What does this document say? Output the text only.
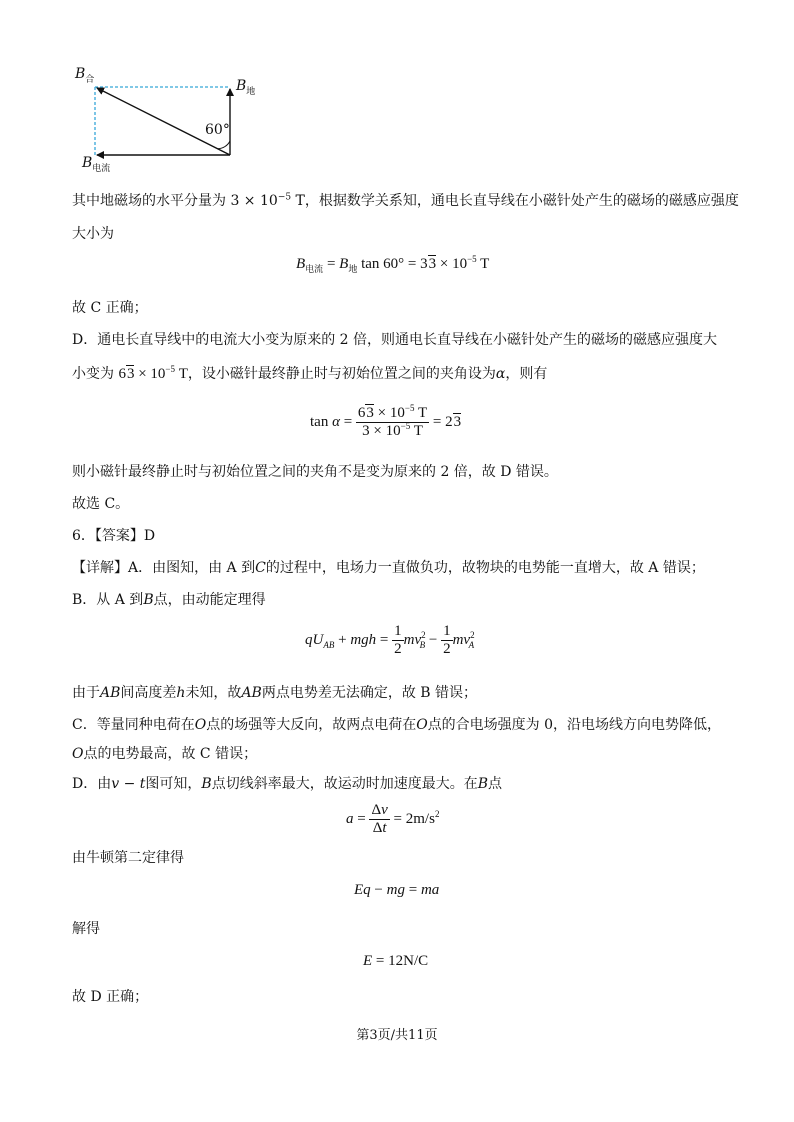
$B_合$	$B_地$
$B_{电流}$
60°
其中地磁场的水平分量为 $3 \times 10^{-5}$ T，根据数学关系知，通电长直导线在小磁针处产生的磁场的磁感应强度
大小为
$B_{电流} = B_地$ $\tan 60^\circ = 33 \times 10^{-5}$ T
故 C 正确；
D．通电长直导线中的电流大小变为原来的 2 倍，则通电长直导线在小磁针处产生的磁场的磁感应强度大
小变为 $63 \times 10^{-5}$ T，设小磁针最终静止时与初始位置之间的夹角设为α，则有
$\tan \alpha = \frac{63 \times 10^{-5} T}{3 \times 10^{-5} T} = 23$
则小磁针最终静止时与初始位置之间的夹角不是变为原来的 2 倍，故 D 错误。
故选 C。
6．【答案】D
【详解】A．由图知，由 A 到C的过程中，电场力一直做负功，故物块的电势能一直增大，故 A 错误；
B．从 A 到B点，由动能定理得
$qU_{AB}$ + mgh = $\frac{1}{2} mv^2_B - \frac{1}{2} mv^2_A$
由于AB间高度差h未知，故AB两点电势差无法确定，故 B 错误；
C．等量同种电荷在O点的场强等大反向，故两点电荷在O点的合电场强度为 0，沿电场线方向电势降低，
O点的电势最高，故 C 错误；
D．由v − t图可知，B点切线斜率最大，故运动时加速度最大。在B点
$a = \frac{\Delta v}{\Delta t} = 2m/s^2$
由牛顿第二定律得
Eq − mg = ma
解得
E = 12N/C
故 D 正确；
第3页/共11页
